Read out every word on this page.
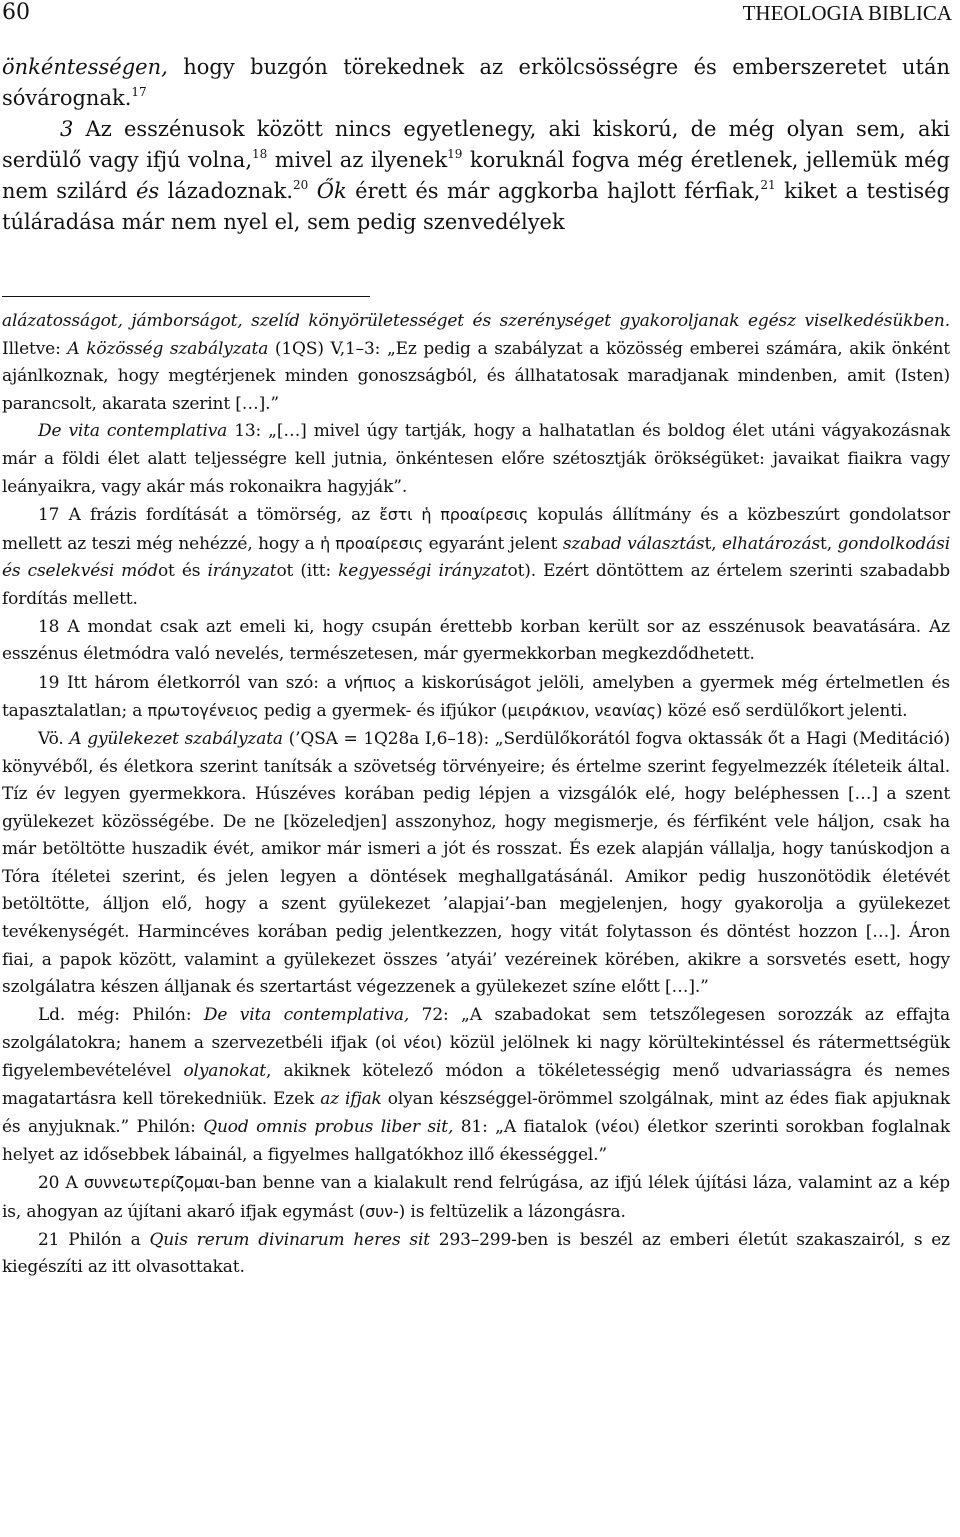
60	THEOLOGIA BIBLICA

önkéntességen, hogy buzgón törekednek az erkölcsösségre és emberszeretet után sóvárognak.$^{17}$

3 Az esszénusok között nincs egyetlenegy, aki kiskorú, de még olyan sem, aki serdülő vagy ifjú volna,$^{18}$ mivel az ilyenek$^{19}$ koruknál fogva még éretlenek, jellemük még nem szilárd és lázadoznak.$^{20}$ Ők érett és már aggkorba hajlott férfiak,$^{21}$ kiket a testiség túláradása már nem nyel el, sem pedig szenvedélyek

alázatosságot, jámborságot, szelíd könyörületességet és szerénységet gyakoroljanak egész viselkedésükben. Illetve: A közösség szabályzata (1QS) V,1–3: „Ez pedig a szabályzat a közösség emberei számára, akik önként ajánlkoznak, hogy megtérjenek minden gonoszságból, és állhatatosak maradjanak mindenben, amit (Isten) parancsolt, akarata szerint […].”

De vita contemplativa 13: „[…] mivel úgy tartják, hogy a halhatatlan és boldog élet utáni vágyakozásnak már a földi élet alatt teljességre kell jutnia, önkéntesen előre szétosztják örökségüket: javaikat fiaikra vagy leányaikra, vagy akár más rokonaikra hagyják”.

17 A frázis fordítását a tömörség, az ἔστι ἡ προαίρεσις kopulás állítmány és a közbeszúrt gondolatsor mellett az teszi még nehézzé, hogy a ἡ προαίρεσις egyaránt jelent szabad választást, elhatározást, gondolkodási és cselekvési módot és irányzatot (itt: kegyességi irányzatot). Ezért döntöttem az értelem szerinti szabadabb fordítás mellett.

18 A mondat csak azt emeli ki, hogy csupán érettebb korban került sor az esszénusok beavatására. Az esszénus életmódra való nevelés, természetesen, már gyermekkorban megkezdődhetett.

19 Itt három életkorról van szó: a νήπιος a kiskorúságot jelöli, amelyben a gyermek még értelmetlen és tapasztalatlan; a πρωτογένειος pedig a gyermek- és ifjúkor (μειράκιον, νεανίας) közé eső serdülőkort jelenti.

Vö. A gyülekezet szabályzata (’QSA = 1Q28a I,6–18): „Serdülőkorától fogva oktassák őt a Hagi (Meditáció) könyvéből, és életkora szerint tanítsák a szövetség törvényeire; és értelme szerint fegyelmezzék ítéleteik által. Tíz év legyen gyermekkora. Húszéves korában pedig lépjen a vizsgálók elé, hogy beléphessen […] a szent gyülekezet közösségébe. De ne [közeledjen] asszonyhoz, hogy megismerje, és férfiként vele háljon, csak ha már betöltötte huszadik évét, amikor már ismeri a jót és rosszat. És ezek alapján vállalja, hogy tanúskodjon a Tóra ítéletei szerint, és jelen legyen a döntések meghallgatásánál. Amikor pedig huszonötödik életévét betöltötte, álljon elő, hogy a szent gyülekezet ’alapjai’-ban megjelenjen, hogy gyakorolja a gyülekezet tevékenységét. Harmincéves korában pedig jelentkezzen, hogy vitát folytasson és döntést hozzon […]. Áron fiai, a papok között, valamint a gyülekezet összes ’atyái’ vezéreinek körében, akikre a sorsvetés esett, hogy szolgálatra készen álljanak és szertartást végezzenek a gyülekezet színe előtt […].”

Ld. még: Philón: De vita contemplativa, 72: „A szabadokat sem tetszőlegesen sorozzák az effajta szolgálatokra; hanem a szervezetbéli ifjak (οἱ νέοι) közül jelölnek ki nagy körültekintéssel és rátermettségük figyelembevételével olyanokat, akiknek kötelező módon a tökéletességig menő udvariasságra és nemes magatartásra kell törekedniük. Ezek az ifjak olyan készséggel-örömmel szolgálnak, mint az édes fiak apjuknak és anyjuknak.” Philón: Quod omnis probus liber sit, 81: „A fiatalok (νέοι) életkor szerinti sorokban foglalnak helyet az idősebbek lábainál, a figyelmes hallgatókhoz illő ékességgel.”

20 A συννεωτερίζομαι-ban benne van a kialakult rend felrúgása, az ifjú lélek újítási láza, valamint az a kép is, ahogyan az újítani akaró ifjak egymást (συν-) is feltüzelik a lázongásra.

21 Philón a Quis rerum divinarum heres sit 293–299-ben is beszél az emberi életút szakaszairól, s ez kiegészíti az itt olvasottakat.
